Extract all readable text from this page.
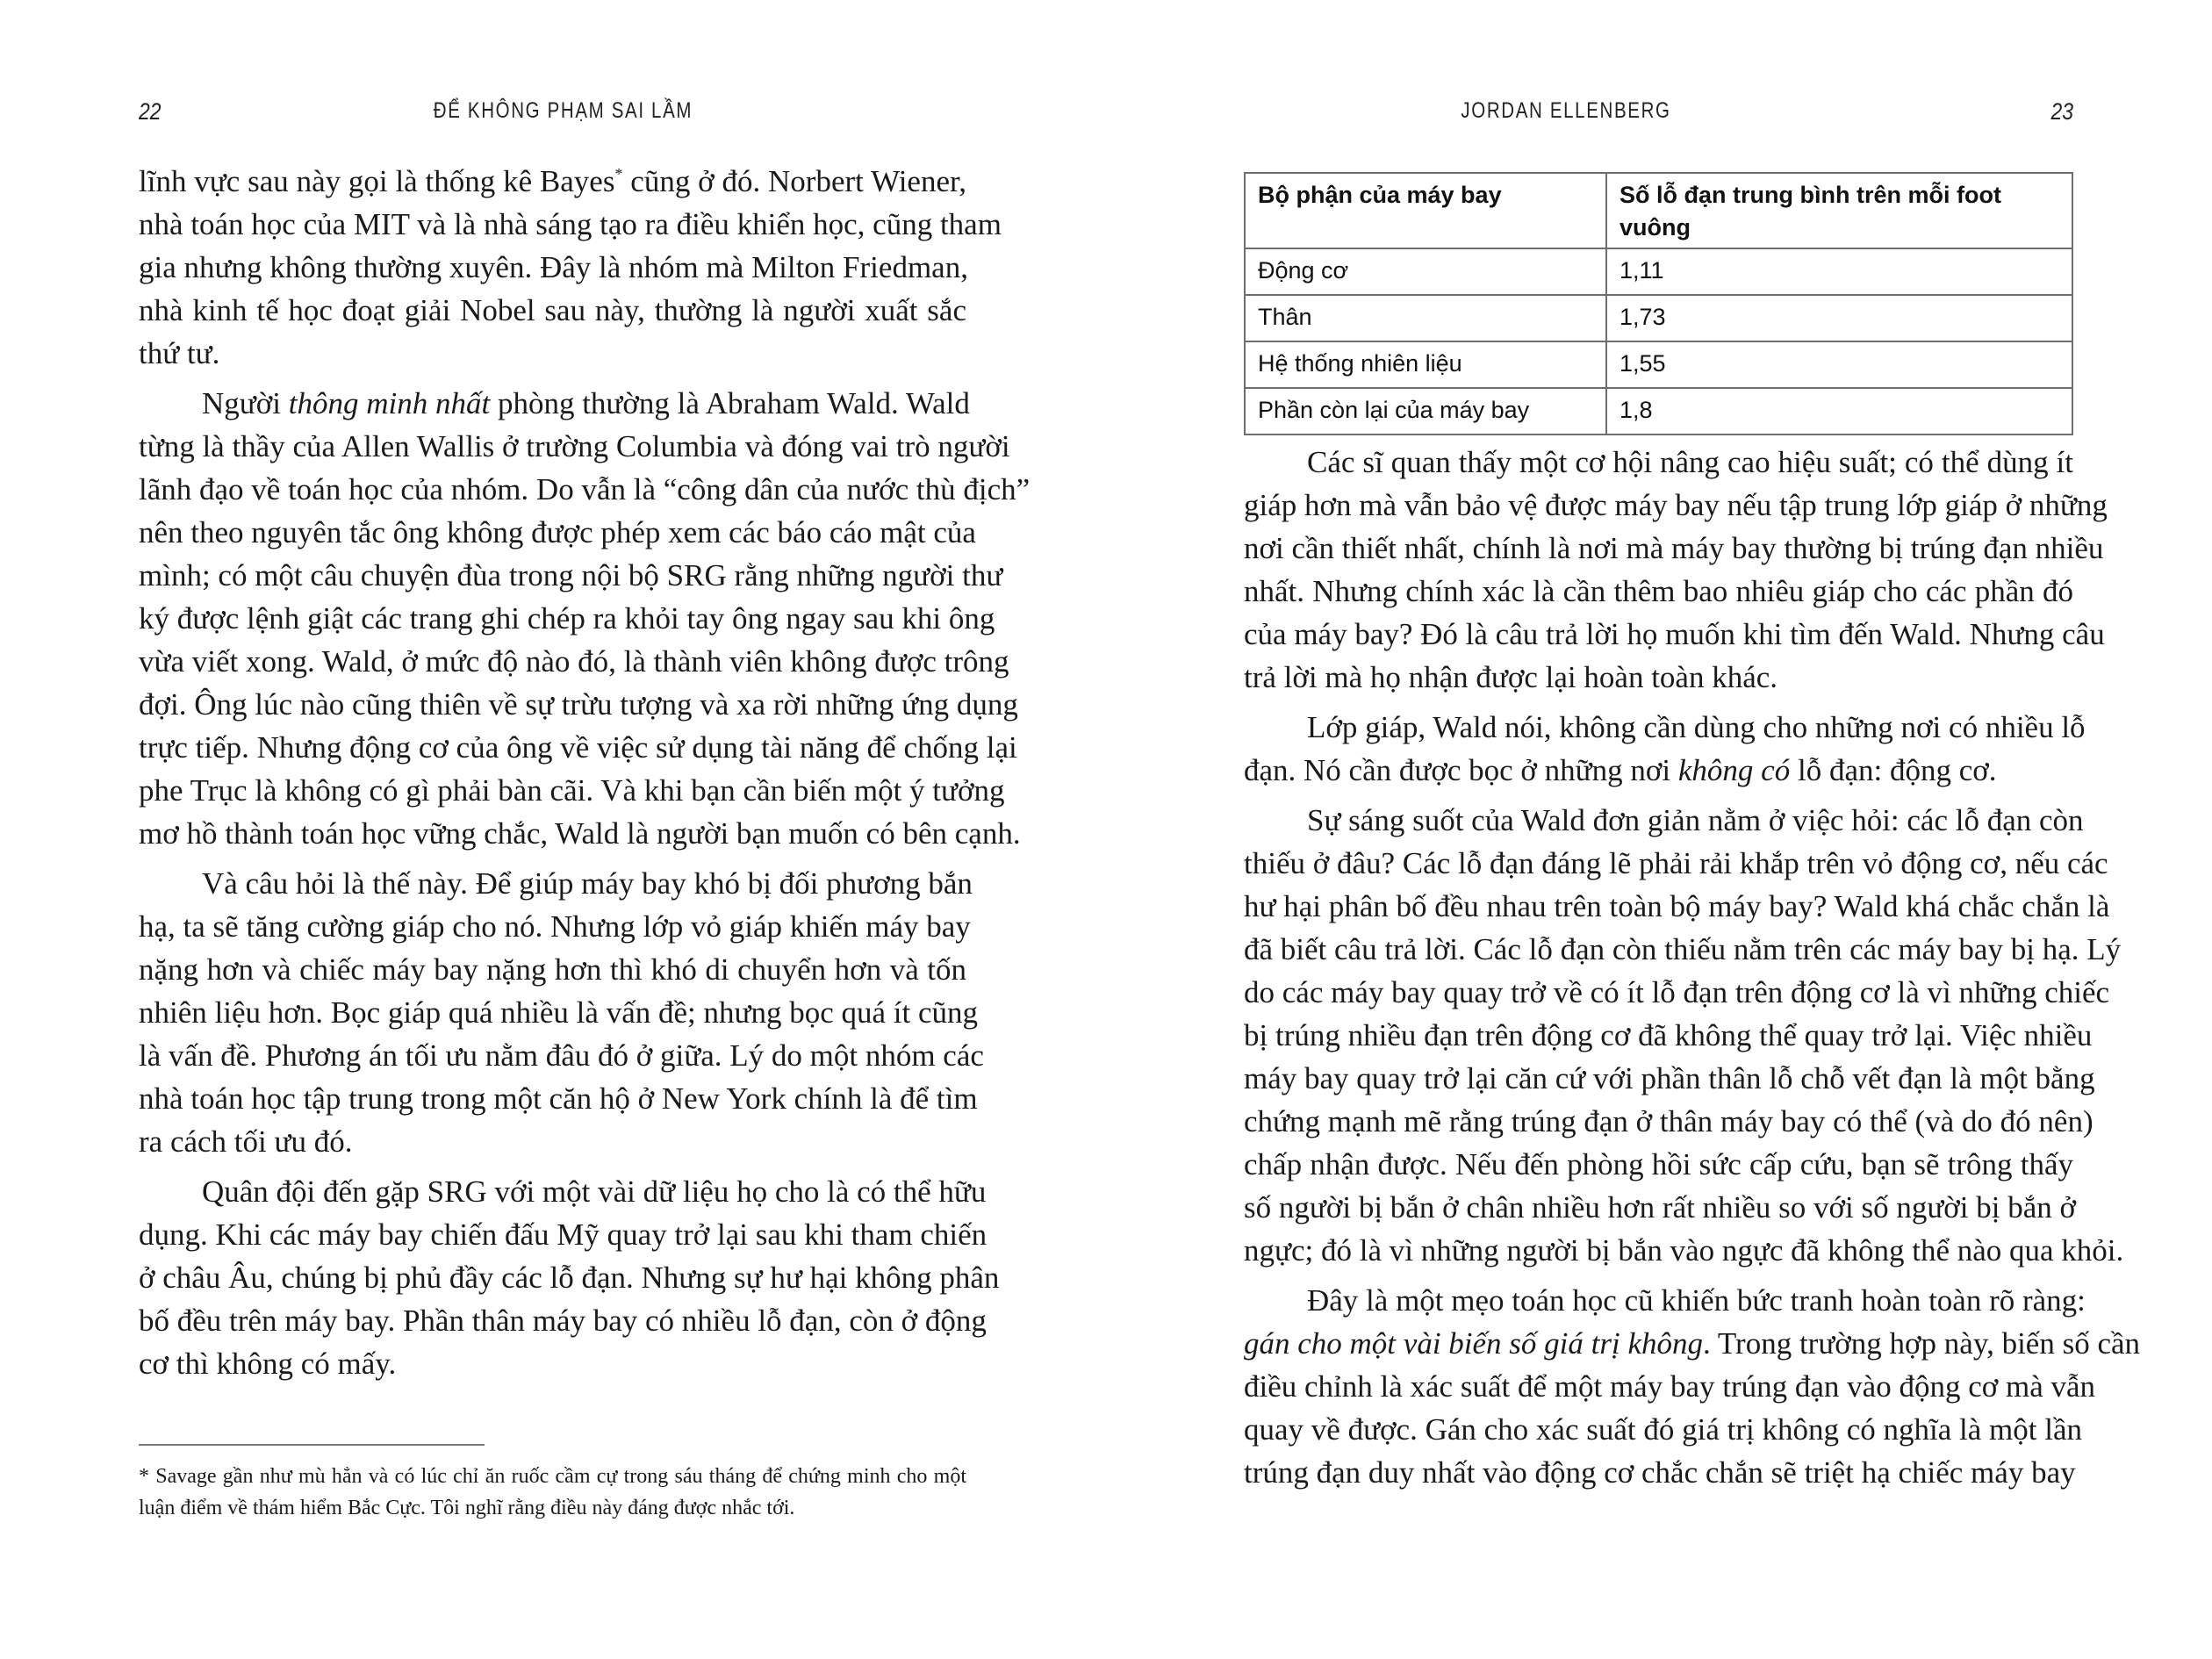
22	ĐỂ KHÔNG PHẠM SAI LẦM
lĩnh vực sau này gọi là thống kê Bayes* cũng ở đó. Norbert Wiener,
nhà toán học của MIT và là nhà sáng tạo ra điều khiển học, cũng tham
gia nhưng không thường xuyên. Đây là nhóm mà Milton Friedman,
nhà kinh tế học đoạt giải Nobel sau này, thường là người xuất sắc
thứ tư.
Người thông minh nhất phòng thường là Abraham Wald. Wald
từng là thầy của Allen Wallis ở trường Columbia và đóng vai trò người
lãnh đạo về toán học của nhóm. Do vẫn là “công dân của nước thù địch”
nên theo nguyên tắc ông không được phép xem các báo cáo mật của
mình; có một câu chuyện đùa trong nội bộ SRG rằng những người thư
ký được lệnh giật các trang ghi chép ra khỏi tay ông ngay sau khi ông
vừa viết xong. Wald, ở mức độ nào đó, là thành viên không được trông
đợi. Ông lúc nào cũng thiên về sự trừu tượng và xa rời những ứng dụng
trực tiếp. Nhưng động cơ của ông về việc sử dụng tài năng để chống lại
phe Trục là không có gì phải bàn cãi. Và khi bạn cần biến một ý tưởng
mơ hồ thành toán học vững chắc, Wald là người bạn muốn có bên cạnh.
Và câu hỏi là thế này. Để giúp máy bay khó bị đối phương bắn
hạ, ta sẽ tăng cường giáp cho nó. Nhưng lớp vỏ giáp khiến máy bay
nặng hơn và chiếc máy bay nặng hơn thì khó di chuyển hơn và tốn
nhiên liệu hơn. Bọc giáp quá nhiều là vấn đề; nhưng bọc quá ít cũng
là vấn đề. Phương án tối ưu nằm đâu đó ở giữa. Lý do một nhóm các
nhà toán học tập trung trong một căn hộ ở New York chính là để tìm
ra cách tối ưu đó.
Quân đội đến gặp SRG với một vài dữ liệu họ cho là có thể hữu
dụng. Khi các máy bay chiến đấu Mỹ quay trở lại sau khi tham chiến
ở châu Âu, chúng bị phủ đầy các lỗ đạn. Nhưng sự hư hại không phân
bố đều trên máy bay. Phần thân máy bay có nhiều lỗ đạn, còn ở động
cơ thì không có mấy.
* Savage gần như mù hẳn và có lúc chỉ ăn ruốc cầm cự trong sáu tháng để chứng minh cho một
luận điểm về thám hiểm Bắc Cực. Tôi nghĩ rằng điều này đáng được nhắc tới.
JORDAN ELLENBERG	23
Bộ phận của máy bay	Số lỗ đạn trung bình trên mỗi foot vuông
Động cơ	1,11
Thân	1,73
Hệ thống nhiên liệu	1,55
Phần còn lại của máy bay	1,8
Các sĩ quan thấy một cơ hội nâng cao hiệu suất; có thể dùng ít
giáp hơn mà vẫn bảo vệ được máy bay nếu tập trung lớp giáp ở những
nơi cần thiết nhất, chính là nơi mà máy bay thường bị trúng đạn nhiều
nhất. Nhưng chính xác là cần thêm bao nhiêu giáp cho các phần đó
của máy bay? Đó là câu trả lời họ muốn khi tìm đến Wald. Nhưng câu
trả lời mà họ nhận được lại hoàn toàn khác.
Lớp giáp, Wald nói, không cần dùng cho những nơi có nhiều lỗ
đạn. Nó cần được bọc ở những nơi không có lỗ đạn: động cơ.
Sự sáng suốt của Wald đơn giản nằm ở việc hỏi: các lỗ đạn còn
thiếu ở đâu? Các lỗ đạn đáng lẽ phải rải khắp trên vỏ động cơ, nếu các
hư hại phân bố đều nhau trên toàn bộ máy bay? Wald khá chắc chắn là
đã biết câu trả lời. Các lỗ đạn còn thiếu nằm trên các máy bay bị hạ. Lý
do các máy bay quay trở về có ít lỗ đạn trên động cơ là vì những chiếc
bị trúng nhiều đạn trên động cơ đã không thể quay trở lại. Việc nhiều
máy bay quay trở lại căn cứ với phần thân lỗ chỗ vết đạn là một bằng
chứng mạnh mẽ rằng trúng đạn ở thân máy bay có thể (và do đó nên)
chấp nhận được. Nếu đến phòng hồi sức cấp cứu, bạn sẽ trông thấy
số người bị bắn ở chân nhiều hơn rất nhiều so với số người bị bắn ở
ngực; đó là vì những người bị bắn vào ngực đã không thể nào qua khỏi.
Đây là một mẹo toán học cũ khiến bức tranh hoàn toàn rõ ràng:
gán cho một vài biến số giá trị không. Trong trường hợp này, biến số cần
điều chỉnh là xác suất để một máy bay trúng đạn vào động cơ mà vẫn
quay về được. Gán cho xác suất đó giá trị không có nghĩa là một lần
trúng đạn duy nhất vào động cơ chắc chắn sẽ triệt hạ chiếc máy bay
